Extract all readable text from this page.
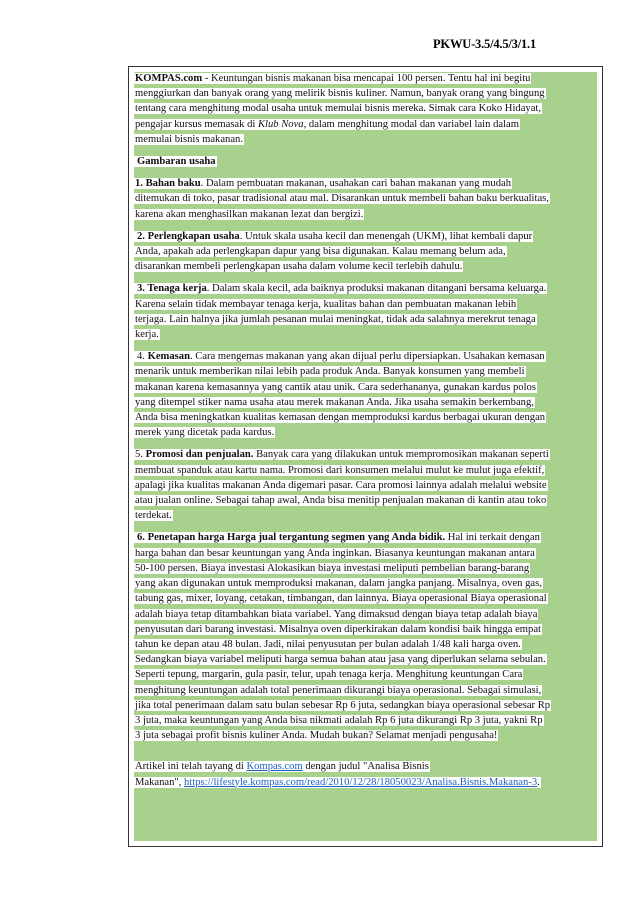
PKWU-3.5/4.5/3/1.1
KOMPAS.com - Keuntungan bisnis makanan bisa mencapai 100 persen. Tentu hal ini begitu
menggiurkan dan banyak orang yang melirik bisnis kuliner. Namun, banyak orang yang bingung
tentang cara menghitung modal usaha untuk memulai bisnis mereka. Simak cara Koko Hidayat,
pengajar kursus memasak di Klub Nova, dalam menghitung modal dan variabel lain dalam
memulai bisnis makanan.
Gambaran usaha
1. Bahan baku. Dalam pembuatan makanan, usahakan cari bahan makanan yang mudah
ditemukan di toko, pasar tradisional atau mal. Disarankan untuk membeli bahan baku berkualitas,
karena akan menghasilkan makanan lezat dan bergizi.
2. Perlengkapan usaha. Untuk skala usaha kecil dan menengah (UKM), lihat kembali dapur
Anda, apakah ada perlengkapan dapur yang bisa digunakan. Kalau memang belum ada,
disarankan membeli perlengkapan usaha dalam volume kecil terlebih dahulu.
3. Tenaga kerja. Dalam skala kecil, ada baiknya produksi makanan ditangani bersama keluarga.
Karena selain tidak membayar tenaga kerja, kualitas bahan dan pembuatan makanan lebih
terjaga. Lain halnya jika jumlah pesanan mulai meningkat, tidak ada salahnya merekrut tenaga
kerja.
4. Kemasan. Cara mengemas makanan yang akan dijual perlu dipersiapkan. Usahakan kemasan
menarik untuk memberikan nilai lebih pada produk Anda. Banyak konsumen yang membeli
makanan karena kemasannya yang cantik atau unik. Cara sederhananya, gunakan kardus polos
yang ditempel stiker nama usaha atau merek makanan Anda. Jika usaha semakin berkembang,
Anda bisa meningkatkan kualitas kemasan dengan memproduksi kardus berbagai ukuran dengan
merek yang dicetak pada kardus.
5. Promosi dan penjualan. Banyak cara yang dilakukan untuk mempromosikan makanan seperti
membuat spanduk atau kartu nama. Promosi dari konsumen melalui mulut ke mulut juga efektif,
apalagi jika kualitas makanan Anda digemari pasar. Cara promosi lainnya adalah melalui website
atau jualan online. Sebagai tahap awal, Anda bisa menitip penjualan makanan di kantin atau toko
terdekat.
6. Penetapan harga Harga jual tergantung segmen yang Anda bidik. Hal ini terkait dengan
harga bahan dan besar keuntungan yang Anda inginkan. Biasanya keuntungan makanan antara
50-100 persen. Biaya investasi Alokasikan biaya investasi meliputi pembelian barang-barang
yang akan digunakan untuk memproduksi makanan, dalam jangka panjang. Misalnya, oven gas,
tabung gas, mixer, loyang, cetakan, timbangan, dan lainnya. Biaya operasional Biaya operasional
adalah biaya tetap ditambahkan biata variabel. Yang dimaksud dengan biaya tetap adalah biaya
penyusutan dari barang investasi. Misalnya oven diperkirakan dalam kondisi baik hingga empat
tahun ke depan atau 48 bulan. Jadi, nilai penyusutan per bulan adalah 1/48 kali harga oven.
Sedangkan biaya variabel meliputi harga semua bahan atau jasa yang diperlukan selama sebulan.
Seperti tepung, margarin, gula pasir, telur, upah tenaga kerja. Menghitung keuntungan Cara
menghitung keuntungan adalah total penerimaan dikurangi biaya operasional. Sebagai simulasi,
jika total penerimaan dalam satu bulan sebesar Rp 6 juta, sedangkan biaya operasional sebesar Rp
3 juta, maka keuntungan yang Anda bisa nikmati adalah Rp 6 juta dikurangi Rp 3 juta, yakni Rp
3 juta sebagai profit bisnis kuliner Anda. Mudah bukan? Selamat menjadi pengusaha!
Artikel ini telah tayang di Kompas.com dengan judul "Analisa Bisnis
Makanan", https://lifestyle.kompas.com/read/2010/12/28/18050023/Analisa.Bisnis.Makanan-3.
